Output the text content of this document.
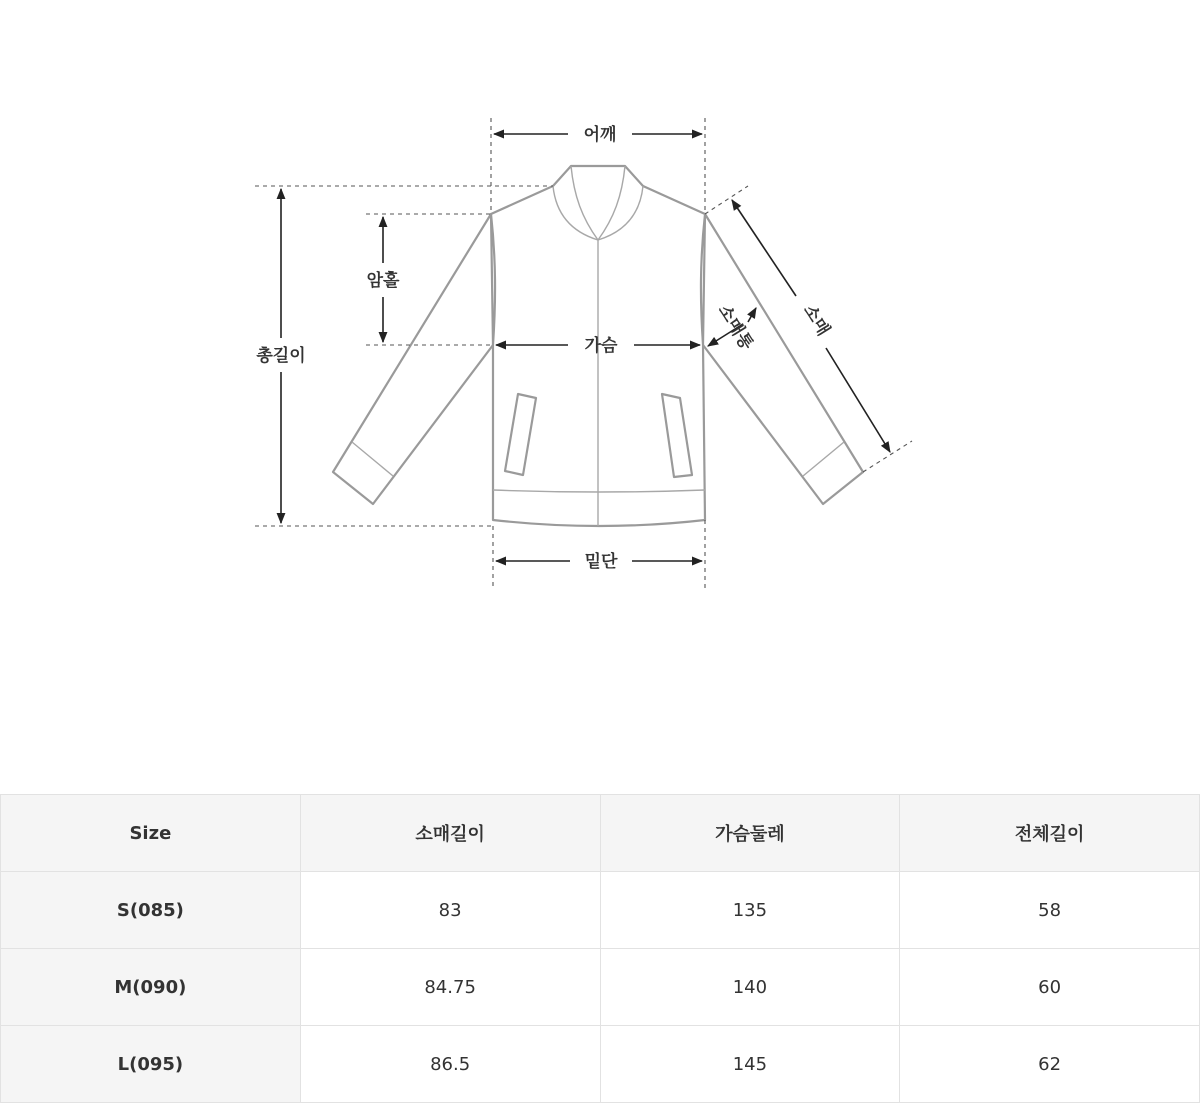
어깨
암홀
총길이	가슴
밑단
소매
소매통
Size	소매길이	가슴둘레	전체길이
S(085)	83	135	58
M(090)	84.75	140	60
L(095)	86.5	145	62
